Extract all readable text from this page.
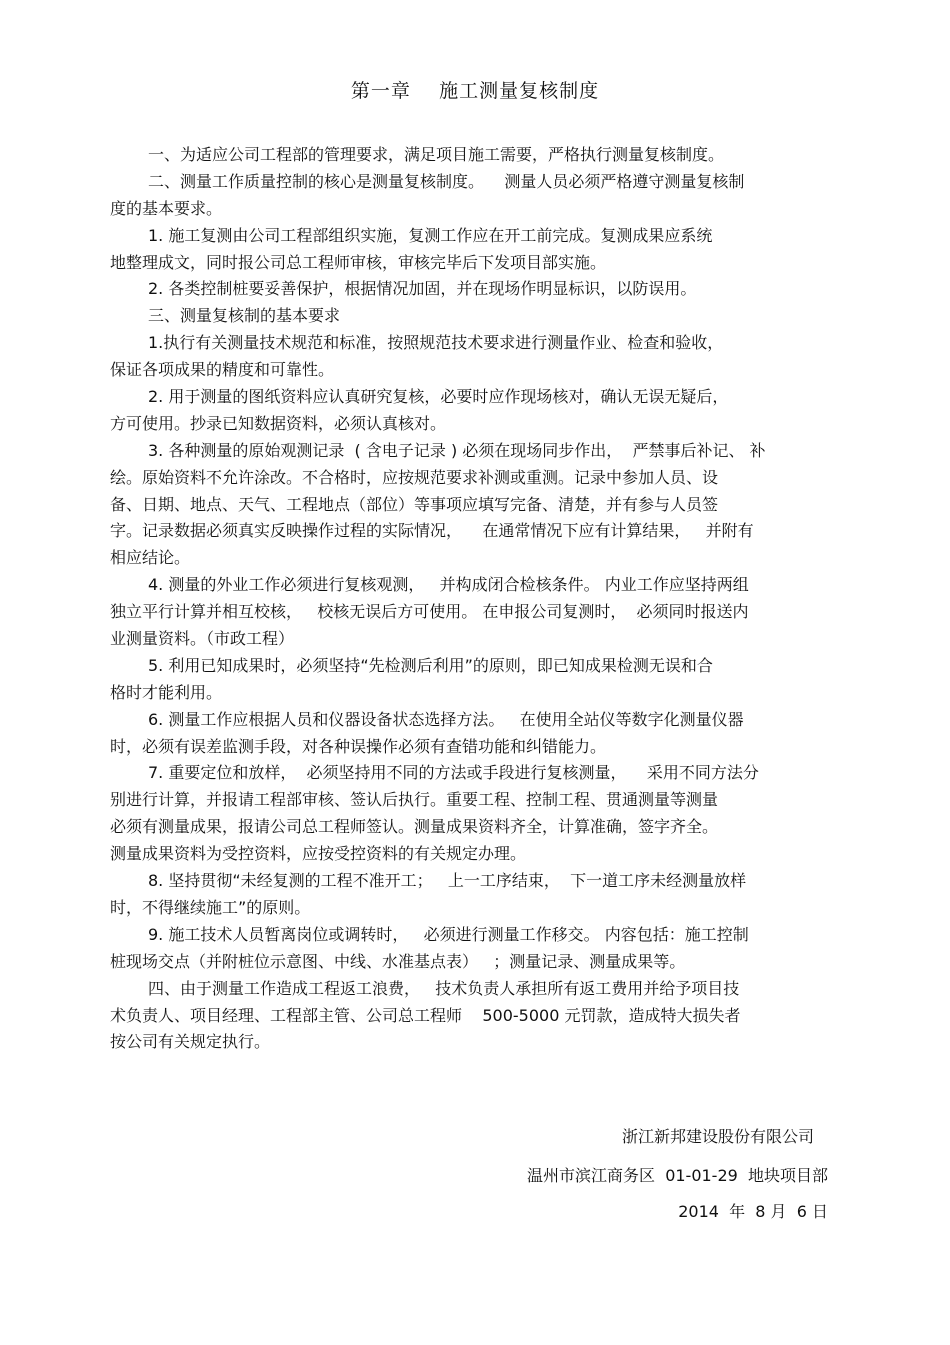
第一章    施工测量复核制度
一、为适应公司工程部的管理要求，满足项目施工需要，严格执行测量复核制度。
二、测量工作质量控制的核心是测量复核制度。    测量人员必须严格遵守测量复核制
度的基本要求。
1. 施工复测由公司工程部组织实施，复测工作应在开工前完成。复测成果应系统
地整理成文，同时报公司总工程师审核，审核完毕后下发项目部实施。
2. 各类控制桩要妥善保护，根据情况加固，并在现场作明显标识，以防误用。
三、测量复核制的基本要求
1.执行有关测量技术规范和标准，按照规范技术要求进行测量作业、检查和验收，
保证各项成果的精度和可靠性。
2. 用于测量的图纸资料应认真研究复核，必要时应作现场核对，确认无误无疑后，
方可使用。抄录已知数据资料，必须认真核对。
3. 各种测量的原始观测记录  ( 含电子记录 ) 必须在现场同步作出，  严禁事后补记、 补
绘。原始资料不允许涂改。不合格时，应按规范要求补测或重测。记录中参加人员、设
备、日期、地点、天气、工程地点（部位）等事项应填写完备、清楚，并有参与人员签
字。记录数据必须真实反映操作过程的实际情况，    在通常情况下应有计算结果，   并附有
相应结论。
4. 测量的外业工作必须进行复核观测，   并构成闭合检核条件。 内业工作应坚持两组
独立平行计算并相互校核，   校核无误后方可使用。 在申报公司复测时，  必须同时报送内
业测量资料。（市政工程）
5. 利用已知成果时，必须坚持“先检测后利用”的原则，即已知成果检测无误和合
格时才能利用。
6. 测量工作应根据人员和仪器设备状态选择方法。   在使用全站仪等数字化测量仪器
时，必须有误差监测手段，对各种误操作必须有查错功能和纠错能力。
7. 重要定位和放样，  必须坚持用不同的方法或手段进行复核测量，    采用不同方法分
别进行计算，并报请工程部审核、签认后执行。重要工程、控制工程、贯通测量等测量
必须有测量成果，报请公司总工程师签认。测量成果资料齐全，计算准确，签字齐全。
测量成果资料为受控资料，应按受控资料的有关规定办理。
8. 坚持贯彻“未经复测的工程不准开工；   上一工序结束，  下一道工序未经测量放样
时，不得继续施工”的原则。
9. 施工技术人员暂离岗位或调转时，   必须进行测量工作移交。 内容包括：施工控制
桩现场交点（并附桩位示意图、中线、水准基点表）   ；测量记录、测量成果等。
四、由于测量工作造成工程返工浪费，   技术负责人承担所有返工费用并给予项目技
术负责人、项目经理、工程部主管、公司总工程师    500-5000 元罚款，造成特大损失者
按公司有关规定执行。
浙江新邦建设股份有限公司
温州市滨江商务区  01-01-29  地块项目部
2014  年  8 月  6 日
